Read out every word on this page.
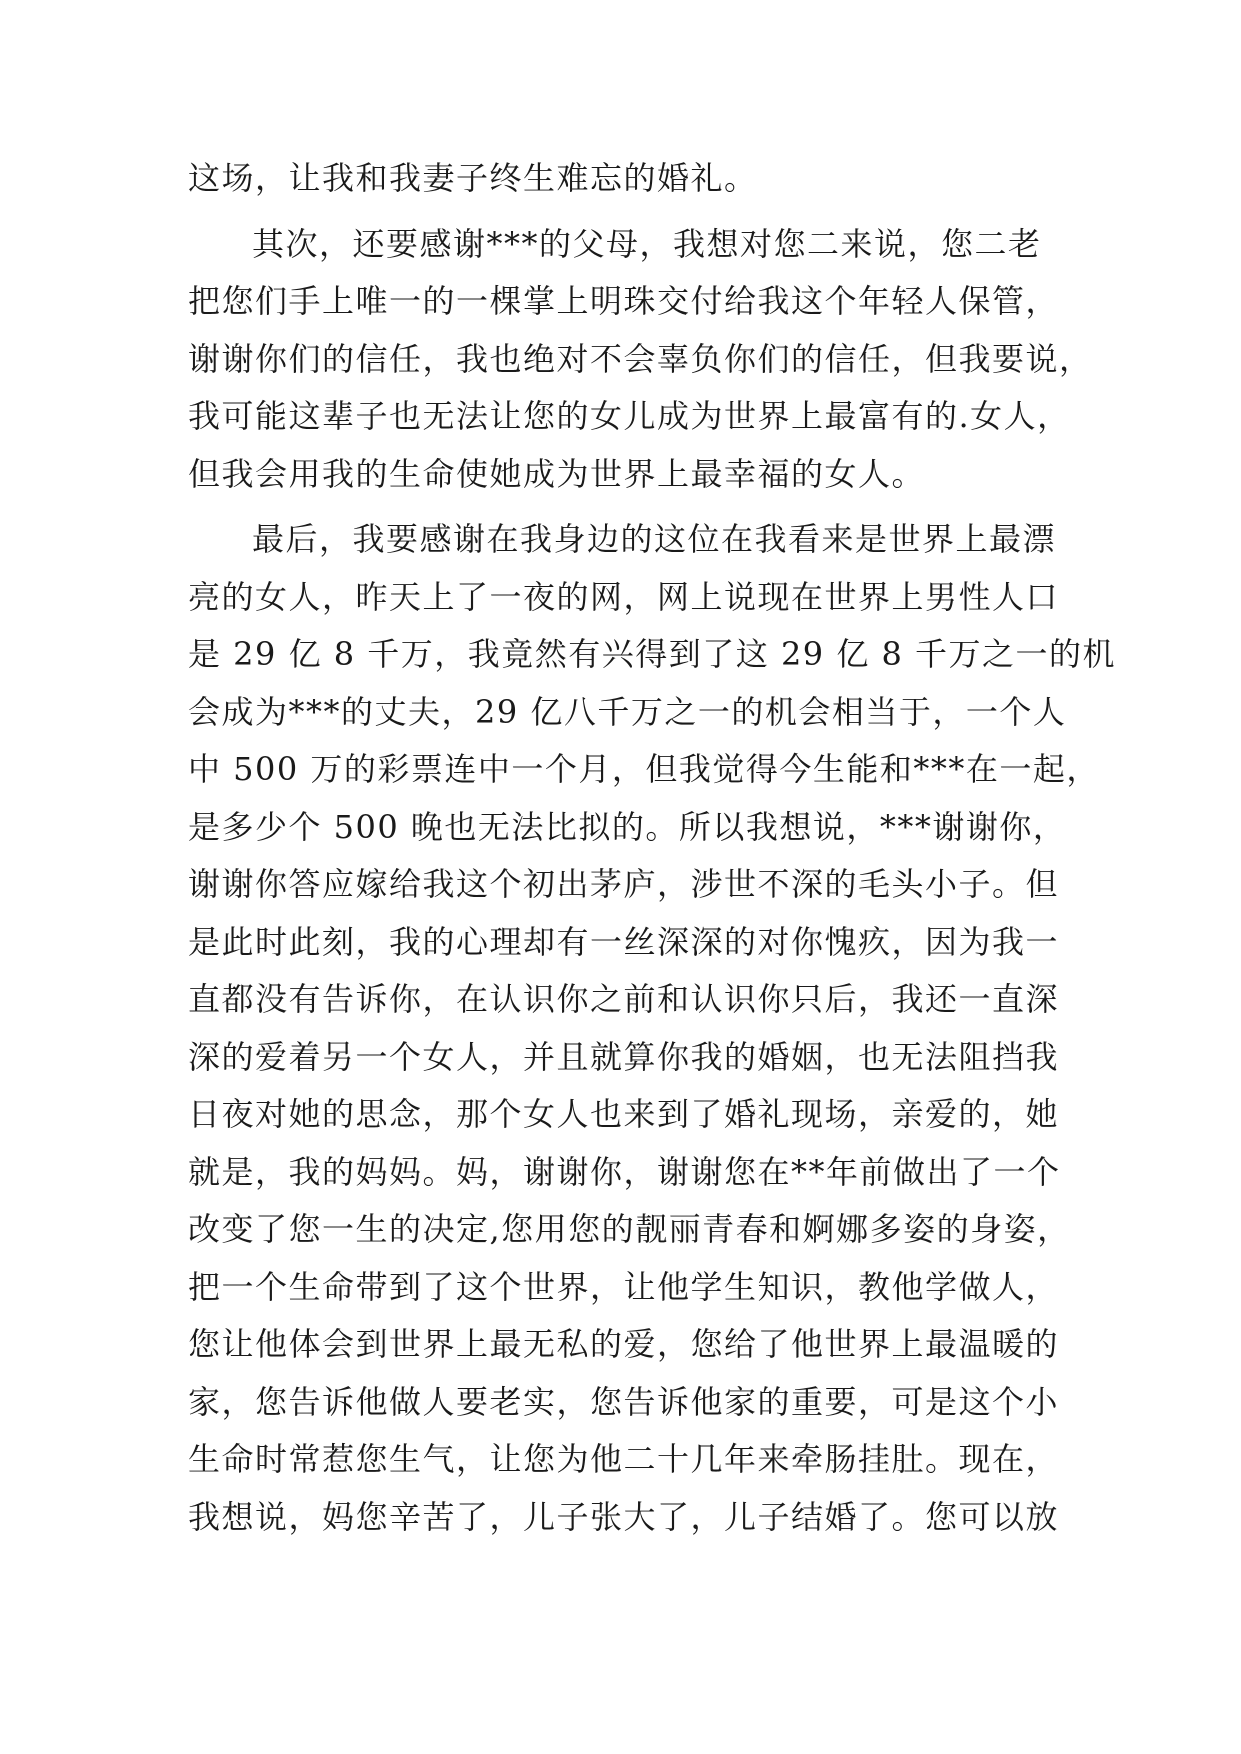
这场，让我和我妻子终生难忘的婚礼。
其次，还要感谢***的父母，我想对您二来说，您二老
把您们手上唯一的一棵掌上明珠交付给我这个年轻人保管，
谢谢你们的信任，我也绝对不会辜负你们的信任，但我要说，
我可能这辈子也无法让您的女儿成为世界上最富有的.女人，
但我会用我的生命使她成为世界上最幸福的女人。
最后，我要感谢在我身边的这位在我看来是世界上最漂
亮的女人，昨天上了一夜的网，网上说现在世界上男性人口
是 29 亿 8 千万，我竟然有兴得到了这 29 亿 8 千万之一的机
会成为***的丈夫，29 亿八千万之一的机会相当于，一个人
中 500 万的彩票连中一个月，但我觉得今生能和***在一起，
是多少个 500 晚也无法比拟的。所以我想说，***谢谢你，
谢谢你答应嫁给我这个初出茅庐，涉世不深的毛头小子。但
是此时此刻，我的心理却有一丝深深的对你愧疚，因为我一
直都没有告诉你，在认识你之前和认识你只后，我还一直深
深的爱着另一个女人，并且就算你我的婚姻，也无法阻挡我
日夜对她的思念，那个女人也来到了婚礼现场，亲爱的，她
就是，我的妈妈。妈，谢谢你，谢谢您在**年前做出了一个
改变了您一生的决定,您用您的靓丽青春和婀娜多姿的身姿，
把一个生命带到了这个世界，让他学生知识，教他学做人，
您让他体会到世界上最无私的爱，您给了他世界上最温暖的
家，您告诉他做人要老实，您告诉他家的重要，可是这个小
生命时常惹您生气，让您为他二十几年来牵肠挂肚。现在，
我想说，妈您辛苦了，儿子张大了，儿子结婚了。您可以放
